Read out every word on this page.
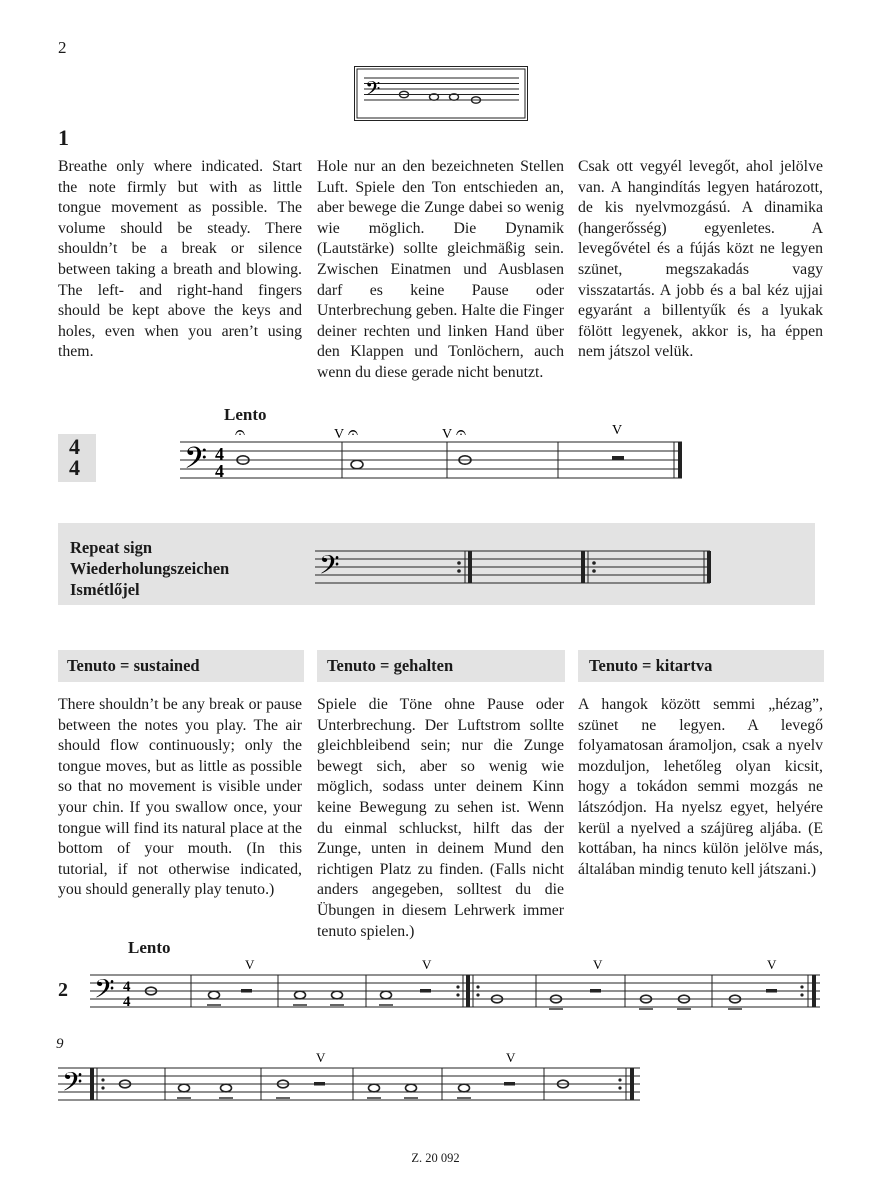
2
𝄢
1
Breathe only where indicated. Start the note firmly but with as little tongue movement as possible. The volume should be steady. There shouldn’t be a break or silence between taking a breath and blowing. The left- and right-hand fingers should be kept above the keys and holes, even when you aren’t using them.
Hole nur an den bezeichneten Stellen Luft. Spiele den Ton entschieden an, aber bewege die Zunge dabei so wenig wie möglich. Die Dynamik (Lautstärke) sollte gleichmäßig sein. Zwischen Einatmen und Ausblasen darf es keine Pause oder Unterbrechung geben. Halte die Finger deiner rechten und linken Hand über den Klappen und Tonlöchern, auch wenn du diese gerade nicht benutzt.
Csak ott vegyél levegőt, ahol jelölve van. A hangindítás legyen határozott, de kis nyelvmozgású. A dinamika (hangerősség) egyenletes. A levegővétel és a fújás közt ne legyen szünet, megszakadás vagy visszatartás. A jobb és a bal kéz ujjai egyaránt a billentyűk és a lyukak fölött legyenek, akkor is, ha éppen nem játszol velük.
4
4
Lento
𝄢 4
4
𝄐	V 𝄐	V 𝄐	V
Repeat sign
Wiederholungszeichen
Ismétlőjel
𝄢
Tenuto = sustained	Tenuto = gehalten	Tenuto = kitartva
There shouldn’t be any break or pause between the notes you play. The air should flow continuously; only the tongue moves, but as little as possible so that no movement is visible under your chin. If you swallow once, your tongue will find its natural place at the bottom of your mouth. (In this tutorial, if not otherwise indicated, you should generally play tenuto.)
Spiele die Töne ohne Pause oder Unterbrechung. Der Luftstrom sollte gleichbleibend sein; nur die Zunge bewegt sich, aber so wenig wie möglich, sodass unter deinem Kinn keine Bewegung zu sehen ist. Wenn du einmal schluckst, hilft das der Zunge, unten in deinem Mund den richtigen Platz zu finden. (Falls nicht anders angegeben, solltest du die Übungen in diesem Lehrwerk immer tenuto spielen.)
A hangok között semmi „hézag”, szünet ne legyen. A levegő folyamatosan áramoljon, csak a nyelv mozduljon, lehetőleg olyan kicsit, hogy a tokádon semmi mozgás ne látszódjon. Ha nyelsz egyet, helyére kerül a nyelved a szájüreg aljába. (E kottában, ha nincs külön jelölve más, általában mindig tenuto kell játszani.)
Lento
2 𝄢 4
4
V	V	V	V
9
𝄢
V	V
Z. 20 092
